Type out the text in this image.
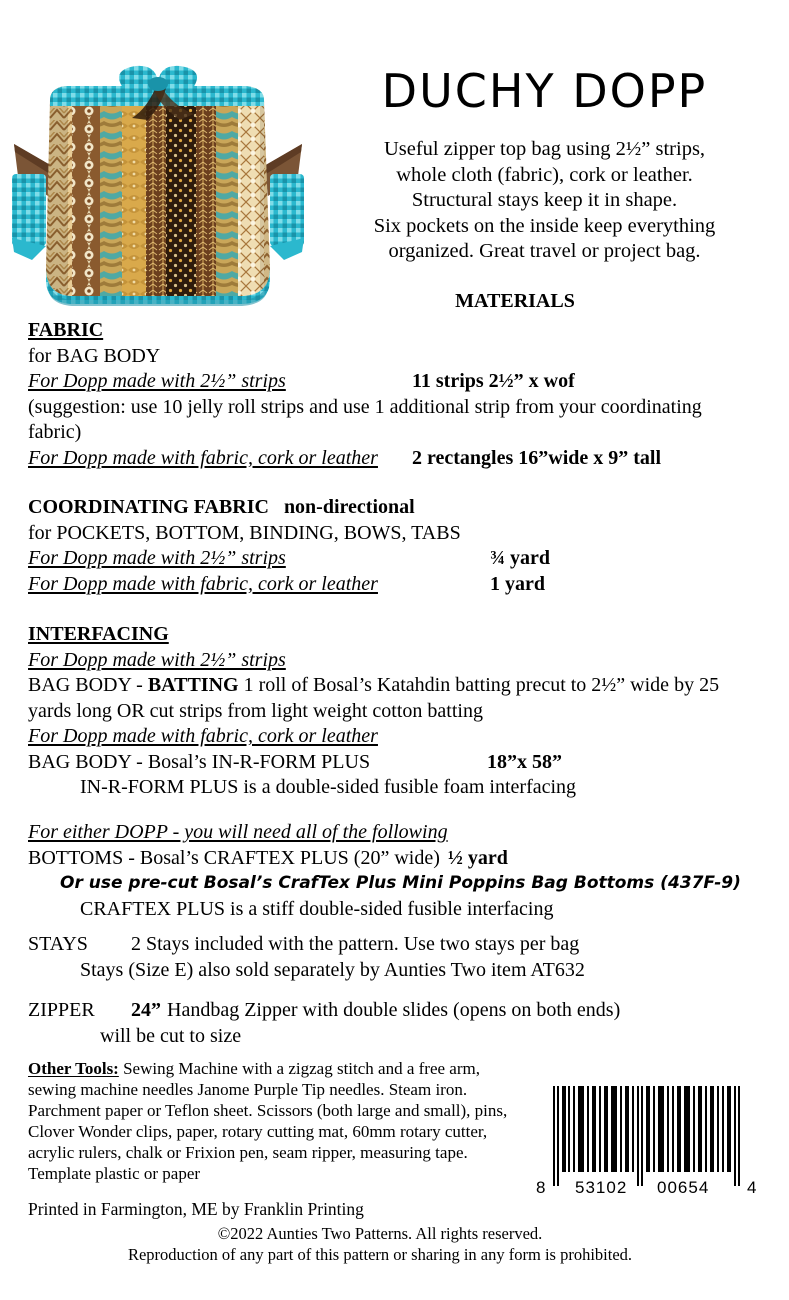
DUCHY DOPP
Useful zipper top bag using 2½” strips,
whole cloth (fabric), cork or leather.
Structural stays keep it in shape.
Six pockets on the inside keep everything
organized. Great travel or project bag.
MATERIALS
FABRIC
for BAG BODY
For Dopp made with 2½” strips	11 strips 2½” x wof
(suggestion: use 10 jelly roll strips and use 1 additional strip from your coordinating fabric)
For Dopp made with fabric, cork or leather 2 rectangles 16”wide x 9” tall
COORDINATING FABRIC non-directional
for POCKETS, BOTTOM, BINDING, BOWS, TABS
For Dopp made with 2½” strips	¾ yard
For Dopp made with fabric, cork or leather	1 yard
INTERFACING
For Dopp made with 2½” strips
BAG BODY - BATTING 1 roll of Bosal’s Katahdin batting precut to 2½” wide by 25 yards long OR cut strips from light weight cotton batting
For Dopp made with fabric, cork or leather
BAG BODY - Bosal’s IN-R-FORM PLUS	18”x 58”
IN-R-FORM PLUS is a double-sided fusible foam interfacing
For either DOPP - you will need all of the following
BOTTOMS - Bosal’s CRAFTEX PLUS (20” wide) ½ yard
Or use pre-cut Bosal’s CrafTex Plus Mini Poppins Bag Bottoms (437F-9)
CRAFTEX PLUS is a stiff double-sided fusible interfacing
STAYS 2 Stays included with the pattern. Use two stays per bag
Stays (Size E) also sold separately by Aunties Two item AT632
ZIPPER 24” Handbag Zipper with double slides (opens on both ends)
will be cut to size
Other Tools: Sewing Machine with a zigzag stitch and a free arm, sewing machine needles Janome Purple Tip needles. Steam iron. Parchment paper or Teflon sheet. Scissors (both large and small), pins, Clover Wonder clips, paper, rotary cutting mat, 60mm rotary cutter, acrylic rulers, chalk or Frixion pen, seam ripper, measuring tape. Template plastic or paper
8 53102 00654 4
Printed in Farmington, ME by Franklin Printing
©2022 Aunties Two Patterns. All rights reserved.
Reproduction of any part of this pattern or sharing in any form is prohibited.
